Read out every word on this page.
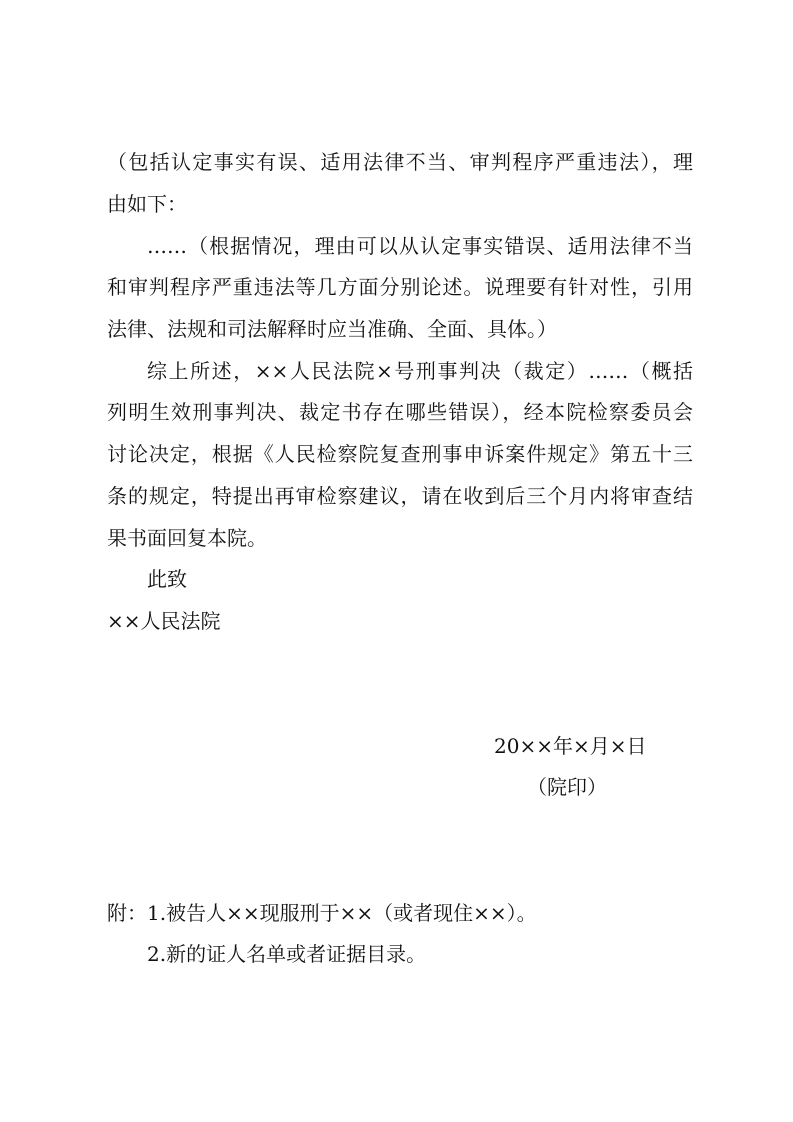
（包括认定事实有误、适用法律不当、审判程序严重违法），理
由如下：
……（根据情况，理由可以从认定事实错误、适用法律不当
和审判程序严重违法等几方面分别论述。说理要有针对性，引用
法律、法规和司法解释时应当准确、全面、具体。）
综上所述，××人民法院×号刑事判决（裁定）……（概括
列明生效刑事判决、裁定书存在哪些错误），经本院检察委员会
讨论决定，根据《人民检察院复查刑事申诉案件规定》第五十三
条的规定，特提出再审检察建议，请在收到后三个月内将审查结
果书面回复本院。
此致
××人民法院
20××年×月×日
（院印）
附：1.被告人××现服刑于××（或者现住××）。
2.新的证人名单或者证据目录。
